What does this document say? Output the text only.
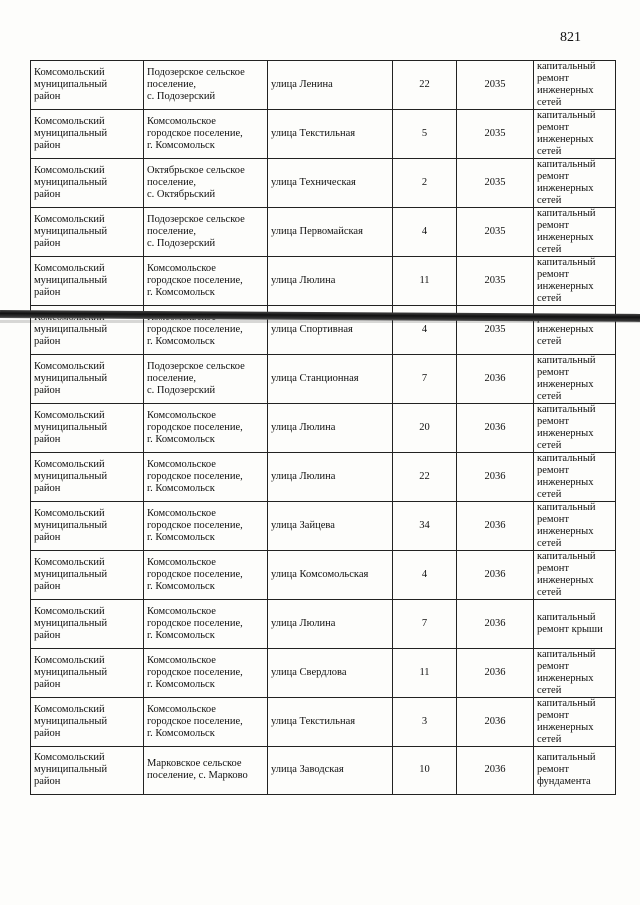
821
Комсомольский
муниципальный
район	Подозерское сельское
поселение,
с. Подозерский	улица Ленина	22	2035	капитальный
ремонт
инженерных
сетей
Комсомольский
муниципальный
район	Комсомольское
городское поселение,
г. Комсомольск	улица Текстильная	5	2035	капитальный
ремонт
инженерных
сетей
Комсомольский
муниципальный
район	Октябрьское сельское
поселение,
с. Октябрьский	улица Техническая	2	2035	капитальный
ремонт
инженерных
сетей
Комсомольский
муниципальный
район	Подозерское сельское
поселение,
с. Подозерский	улица Первомайская	4	2035	капитальный
ремонт
инженерных
сетей
Комсомольский
муниципальный
район	Комсомольское
городское поселение,
г. Комсомольск	улица Люлина	11	2035	капитальный
ремонт
инженерных
сетей

муниципальный
район	
городское поселение,
г. Комсомольск	улица Спортивная	4	2035	
инженерных
сетей
Комсомольский
муниципальный
район	Подозерское сельское
поселение,
с. Подозерский	улица Станционная	7	2036	капитальный
ремонт
инженерных
сетей
Комсомольский
муниципальный
район	Комсомольское
городское поселение,
г. Комсомольск	улица Люлина	20	2036	капитальный
ремонт
инженерных
сетей
Комсомольский
муниципальный
район	Комсомольское
городское поселение,
г. Комсомольск	улица Люлина	22	2036	капитальный
ремонт
инженерных
сетей
Комсомольский
муниципальный
район	Комсомольское
городское поселение,
г. Комсомольск	улица Зайцева	34	2036	капитальный
ремонт
инженерных
сетей
Комсомольский
муниципальный
район	Комсомольское
городское поселение,
г. Комсомольск	улица Комсомольская	4	2036	капитальный
ремонт
инженерных
сетей
Комсомольский
муниципальный
район	Комсомольское
городское поселение,
г. Комсомольск	улица Люлина	7	2036	капитальный
ремонт крыши
Комсомольский
муниципальный
район	Комсомольское
городское поселение,
г. Комсомольск	улица Свердлова	11	2036	капитальный
ремонт
инженерных
сетей
Комсомольский
муниципальный
район	Комсомольское
городское поселение,
г. Комсомольск	улица Текстильная	3	2036	капитальный
ремонт
инженерных
сетей
Комсомольский
муниципальный
район	Марковское сельское
поселение, с. Марково	улица Заводская	10	2036	капитальный
ремонт
фундамента
